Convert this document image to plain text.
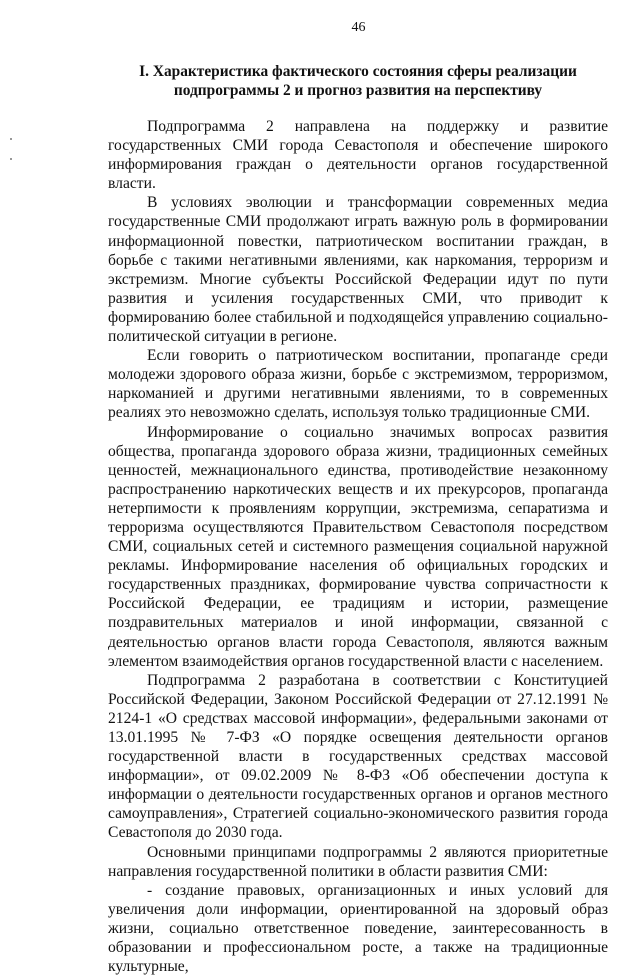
46
I. Характеристика фактического состояния сферы реализации подпрограммы 2 и прогноз развития на перспективу

Подпрограмма 2 направлена на поддержку и развитие государственных СМИ города Севастополя и обеспечение широкого информирования граждан о деятельности органов государственной власти.

В условиях эволюции и трансформации современных медиа государственные СМИ продолжают играть важную роль в формировании информационной повестки, патриотическом воспитании граждан, в борьбе с такими негативными явлениями, как наркомания, терроризм и экстремизм. Многие субъекты Российской Федерации идут по пути развития и усиления государственных СМИ, что приводит к формированию более стабильной и подходящейся управлению социально-политической ситуации в регионе.

Если говорить о патриотическом воспитании, пропаганде среди молодежи здорового образа жизни, борьбе с экстремизмом, терроризмом, наркоманией и другими негативными явлениями, то в современных реалиях это невозможно сделать, используя только традиционные СМИ.

Информирование о социально значимых вопросах развития общества, пропаганда здорового образа жизни, традиционных семейных ценностей, межнационального единства, противодействие незаконному распространению наркотических веществ и их прекурсоров, пропаганда нетерпимости к проявлениям коррупции, экстремизма, сепаратизма и терроризма осуществляются Правительством Севастополя посредством СМИ, социальных сетей и системного размещения социальной наружной рекламы. Информирование населения об официальных городских и государственных праздниках, формирование чувства сопричастности к Российской Федерации, ее традициям и истории, размещение поздравительных материалов и иной информации, связанной с деятельностью органов власти города Севастополя, являются важным элементом взаимодействия органов государственной власти с населением.

Подпрограмма 2 разработана в соответствии с Конституцией Российской Федерации, Законом Российской Федерации от 27.12.1991 № 2124-1 «О средствах массовой информации», федеральными законами от 13.01.1995 № 7-ФЗ «О порядке освещения деятельности органов государственной власти в государственных средствах массовой информации», от 09.02.2009 № 8-ФЗ «Об обеспечении доступа к информации о деятельности государственных органов и органов местного самоуправления», Стратегией социально-экономического развития города Севастополя до 2030 года.

Основными принципами подпрограммы 2 являются приоритетные направления государственной политики в области развития СМИ:

- создание правовых, организационных и иных условий для увеличения доли информации, ориентированной на здоровый образ жизни, социально ответственное поведение, заинтересованность в образовании и профессиональном росте, а также на традиционные культурные,
